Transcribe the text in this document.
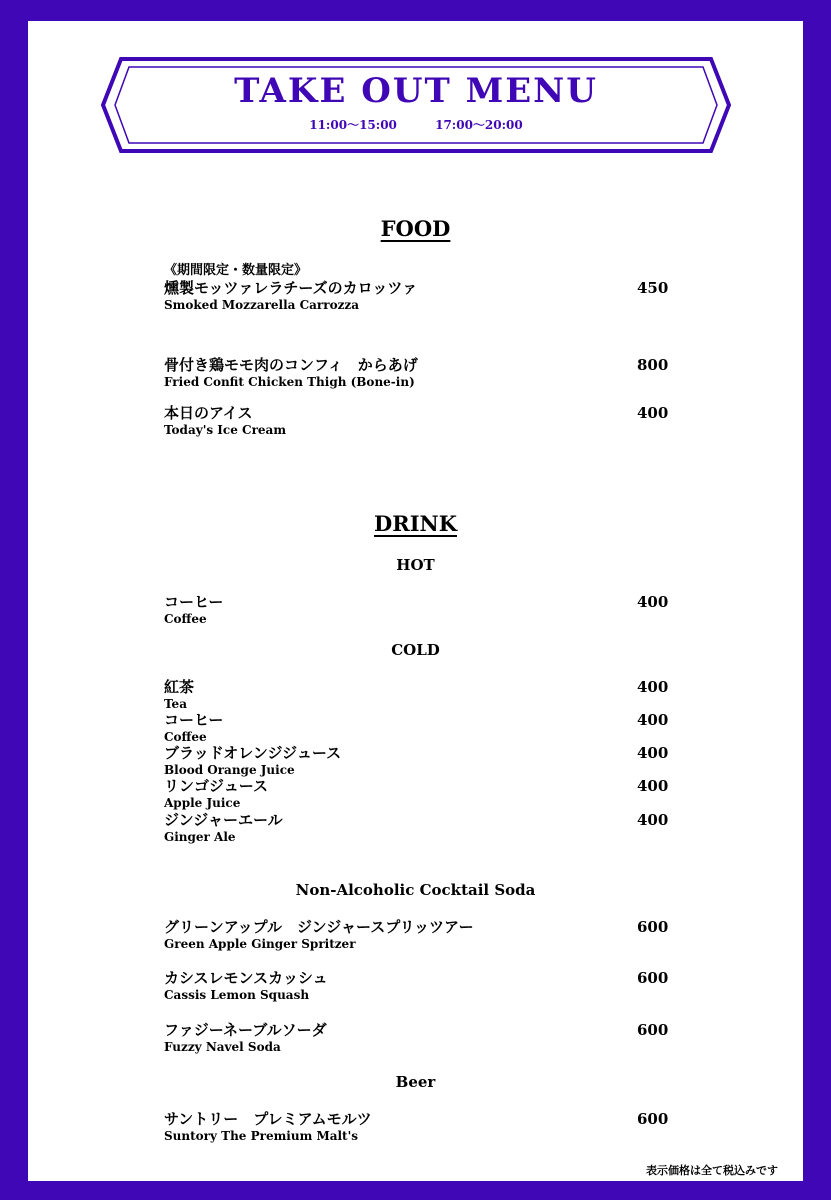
TAKE OUT MENU
11:00〜15:00	17:00〜20:00
FOOD
《期間限定・数量限定》
燻製モッツァレラチーズのカロッツァ
Smoked Mozzarella Carrozza
450
骨付き鶏モモ肉のコンフィ　からあげ
Fried Confit Chicken Thigh (Bone-in)
800
本日のアイス
Today's Ice Cream
400
DRINK
HOT
コーヒー
Coffee
400
COLD
紅茶
Tea
400
コーヒー
Coffee
400
ブラッドオレンジジュース
Blood Orange Juice
400
リンゴジュース
Apple Juice
400
ジンジャーエール
Ginger Ale
400
Non-Alcoholic Cocktail Soda
グリーンアップル　ジンジャースプリッツアー
Green Apple Ginger Spritzer
600
カシスレモンスカッシュ
Cassis Lemon Squash
600
ファジーネーブルソーダ
Fuzzy Navel Soda
600
Beer
サントリー　プレミアムモルツ
Suntory The Premium Malt's
600
表示価格は全て税込みです
